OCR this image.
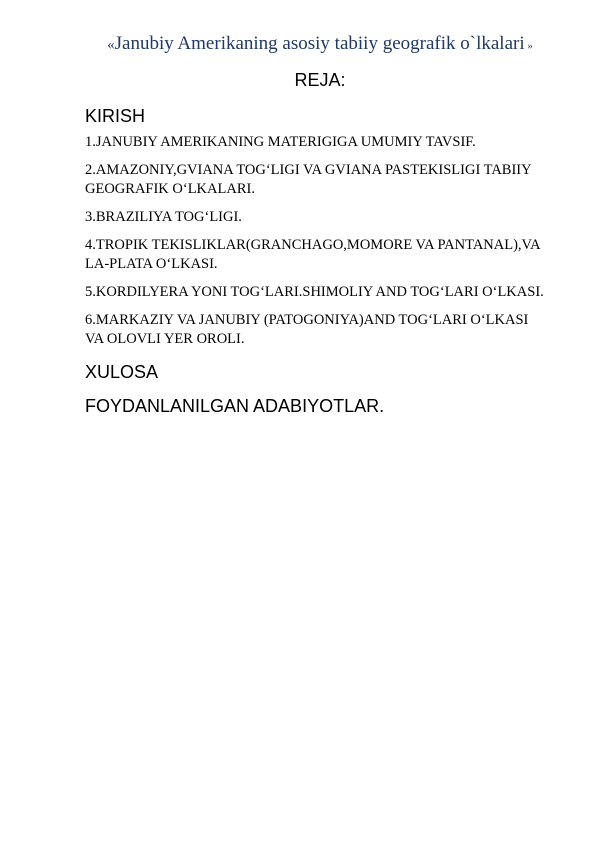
«Janubiy Amerikaning asosiy tabiiy geografik o`lkalari »
REJA:

KIRISH

1.JANUBIY AMERIKANING MATERIGIGA UMUMIY TAVSIF.

2.AMAZONIY,GVIANA TOG‘LIGI VA GVIANA PASTEKISLIGI TABIIY GEOGRAFIK O‘LKALARI.

3.BRAZILIYA TOG‘LIGI.

4.TROPIK TEKISLIKLAR(GRANCHAGO,MOMORE VA PANTANAL),VA LA-PLATA O‘LKASI.

5.KORDILYERA YONI TOG‘LARI.SHIMOLIY AND TOG‘LARI O‘LKASI.

6.MARKAZIY VA JANUBIY (PATOGONIYA)AND TOG‘LARI O‘LKASI VA OLOVLI YER OROLI.

XULOSA

FOYDANLANILGAN ADABIYOTLAR.
